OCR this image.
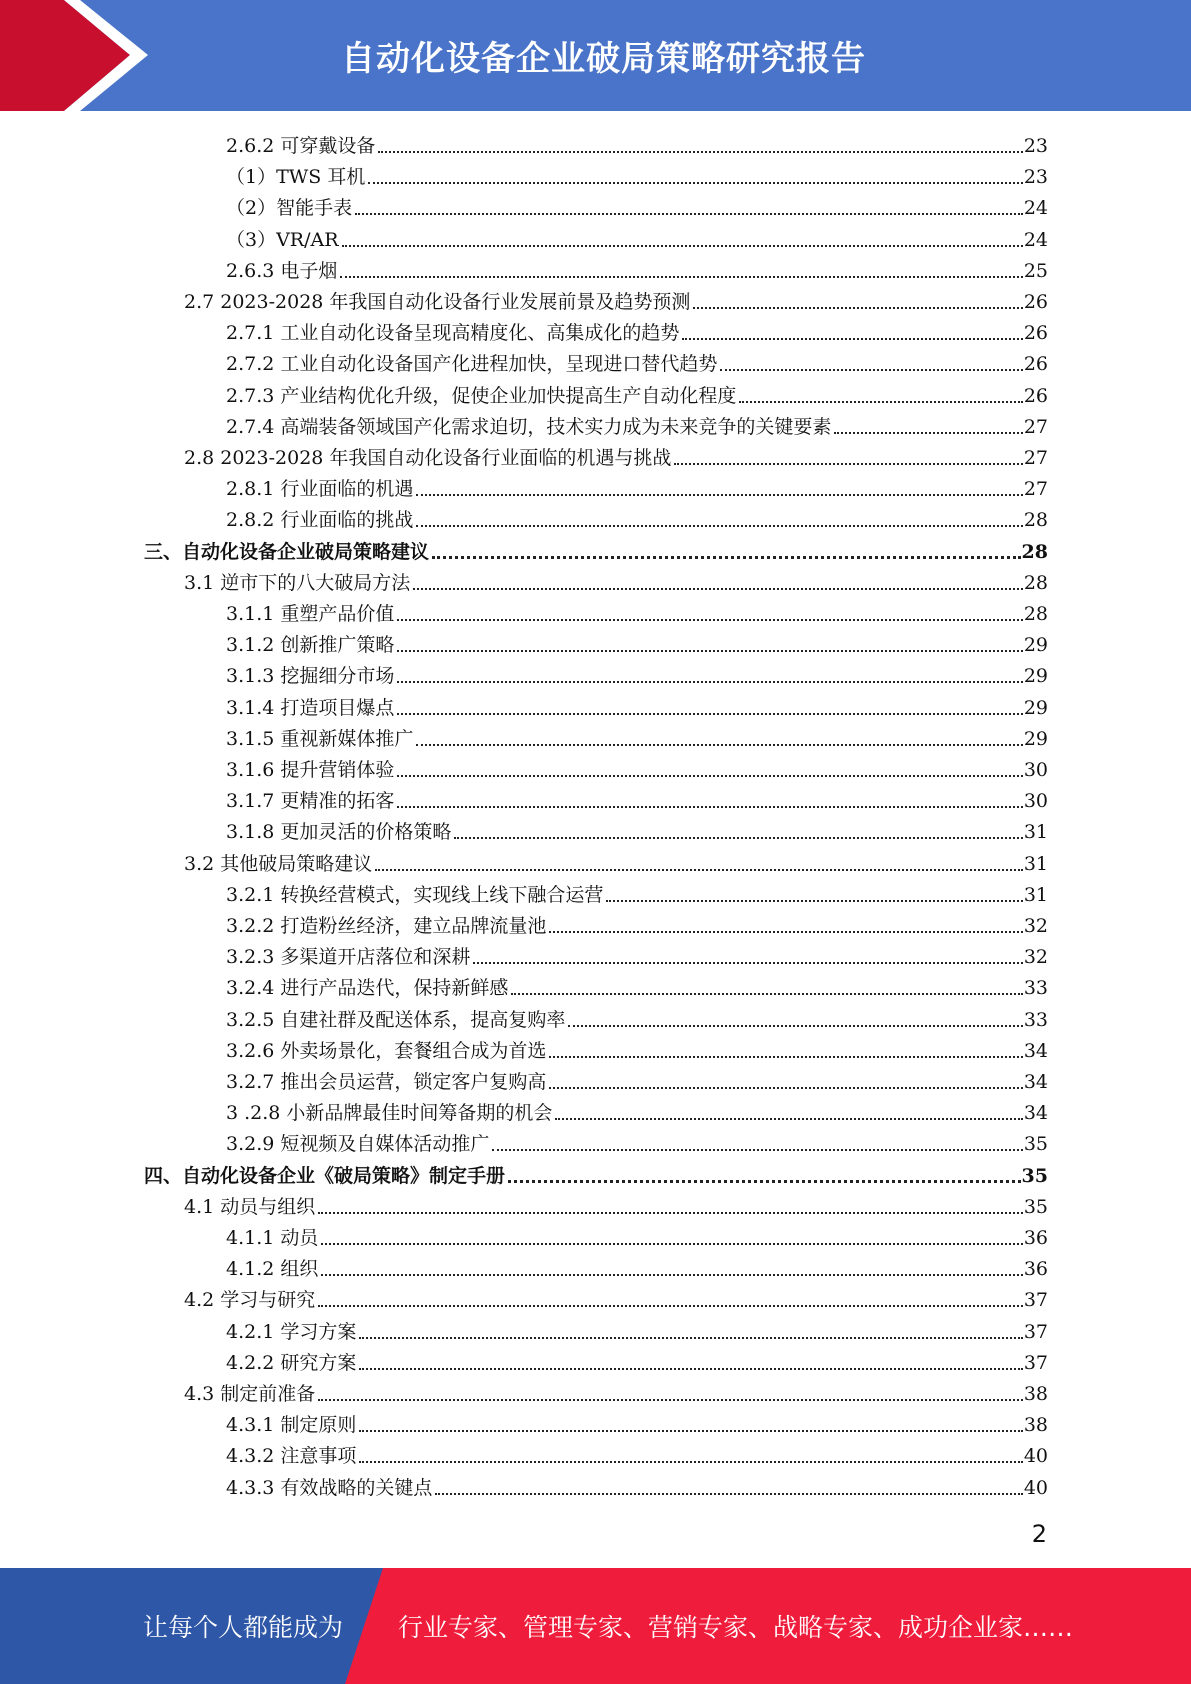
自动化设备企业破局策略研究报告
2.6.2 可穿戴设备	23
（1）TWS 耳机	23
（2）智能手表	24
（3）VR/AR	24
2.6.3 电子烟	25
2.7 2023-2028 年我国自动化设备行业发展前景及趋势预测	26
2.7.1 工业自动化设备呈现高精度化、高集成化的趋势	26
2.7.2 工业自动化设备国产化进程加快，呈现进口替代趋势	26
2.7.3 产业结构优化升级，促使企业加快提高生产自动化程度	26
2.7.4 高端装备领域国产化需求迫切，技术实力成为未来竞争的关键要素	27
2.8 2023-2028 年我国自动化设备行业面临的机遇与挑战	27
2.8.1 行业面临的机遇	27
2.8.2 行业面临的挑战	28
三、自动化设备企业破局策略建议	28
3.1 逆市下的八大破局方法	28
3.1.1 重塑产品价值	28
3.1.2 创新推广策略	29
3.1.3 挖掘细分市场	29
3.1.4 打造项目爆点	29
3.1.5 重视新媒体推广	29
3.1.6 提升营销体验	30
3.1.7 更精准的拓客	30
3.1.8 更加灵活的价格策略	31
3.2 其他破局策略建议	31
3.2.1 转换经营模式，实现线上线下融合运营	31
3.2.2 打造粉丝经济，建立品牌流量池	32
3.2.3 多渠道开店落位和深耕	32
3.2.4 进行产品迭代，保持新鲜感	33
3.2.5 自建社群及配送体系，提高复购率	33
3.2.6 外卖场景化，套餐组合成为首选	34
3.2.7 推出会员运营，锁定客户复购高	34
3 .2.8 小新品牌最佳时间筹备期的机会	34
3.2.9 短视频及自媒体活动推广	35
四、自动化设备企业《破局策略》制定手册	35
4.1 动员与组织	35
4.1.1 动员	36
4.1.2 组织	36
4.2 学习与研究	37
4.2.1 学习方案	37
4.2.2 研究方案	37
4.3 制定前准备	38
4.3.1 制定原则	38
4.3.2 注意事项	40
4.3.3 有效战略的关键点	40
2
让每个人都能成为 行业专家、管理专家、营销专家、战略专家、成功企业家……
